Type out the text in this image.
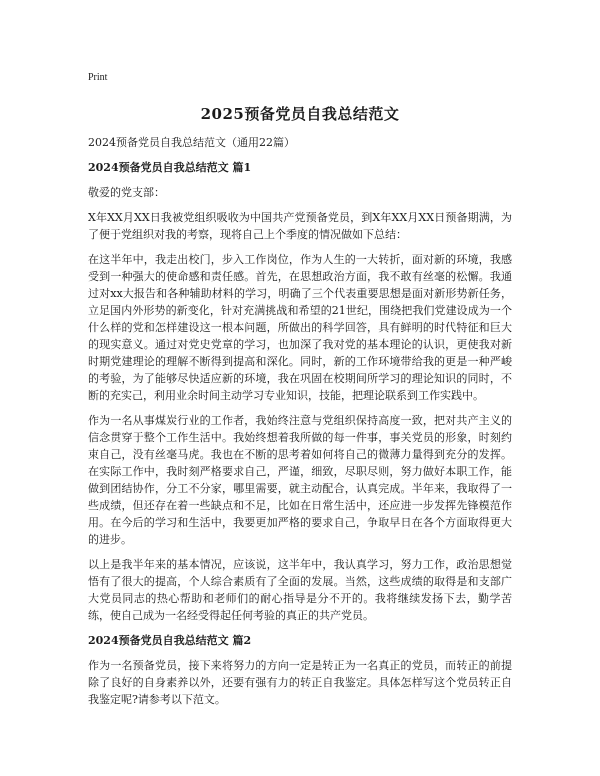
Print
2025预备党员自我总结范文

2024预备党员自我总结范文（通用22篇）

2024预备党员自我总结范文 篇1

敬爱的党支部：

X年XX月XX日我被党组织吸收为中国共产党预备党员，到X年XX月XX日预备期满，为了便于党组织对我的考察，现将自己上个季度的情况做如下总结：

在这半年中，我走出校门，步入工作岗位，作为人生的一大转折，面对新的环境，我感受到一种强大的使命感和责任感。首先，在思想政治方面，我不敢有丝毫的松懈。我通过对xx大报告和各种辅助材料的学习，明确了三个代表重要思想是面对新形势新任务，立足国内外形势的新变化，针对充满挑战和希望的21世纪，围绕把我们党建设成为一个什么样的党和怎样建设这一根本问题，所做出的科学回答，具有鲜明的时代特征和巨大的现实意义。通过对党史党章的学习，也加深了我对党的基本理论的认识，更使我对新时期党建理论的理解不断得到提高和深化。同时，新的工作环境带给我的更是一种严峻的考验，为了能够尽快适应新的环境，我在巩固在校期间所学习的理论知识的同时，不断的充实己，利用业余时间主动学习专业知识，技能，把理论联系到工作实践中。

作为一名从事煤炭行业的工作者，我始终注意与党组织保持高度一致，把对共产主义的信念贯穿于整个工作生活中。我始终想着我所做的每一件事，事关党员的形象，时刻约束自己，没有丝毫马虎。我也在不断的思考着如何将自己的微薄力量得到充分的发挥。在实际工作中，我时刻严格要求自己，严谨，细致，尽职尽则，努力做好本职工作，能做到团结协作，分工不分家，哪里需要，就主动配合，认真完成。半年来，我取得了一些成绩，但还存在着一些缺点和不足，比如在日常生活中，还应进一步发挥先锋模范作用。在今后的学习和生活中，我要更加严格的要求自己，争取早日在各个方面取得更大的进步。

以上是我半年来的基本情况，应该说，这半年中，我认真学习，努力工作，政治思想觉悟有了很大的提高，个人综合素质有了全面的发展。当然，这些成绩的取得是和支部广大党员同志的热心帮助和老师们的耐心指导是分不开的。我将继续发扬下去，勤学苦练，使自己成为一名经受得起任何考验的真正的共产党员。

2024预备党员自我总结范文 篇2

作为一名预备党员，接下来将努力的方向一定是转正为一名真正的党员，而转正的前提除了良好的自身素养以外，还要有强有力的转正自我鉴定。具体怎样写这个党员转正自我鉴定呢?请参考以下范文。
